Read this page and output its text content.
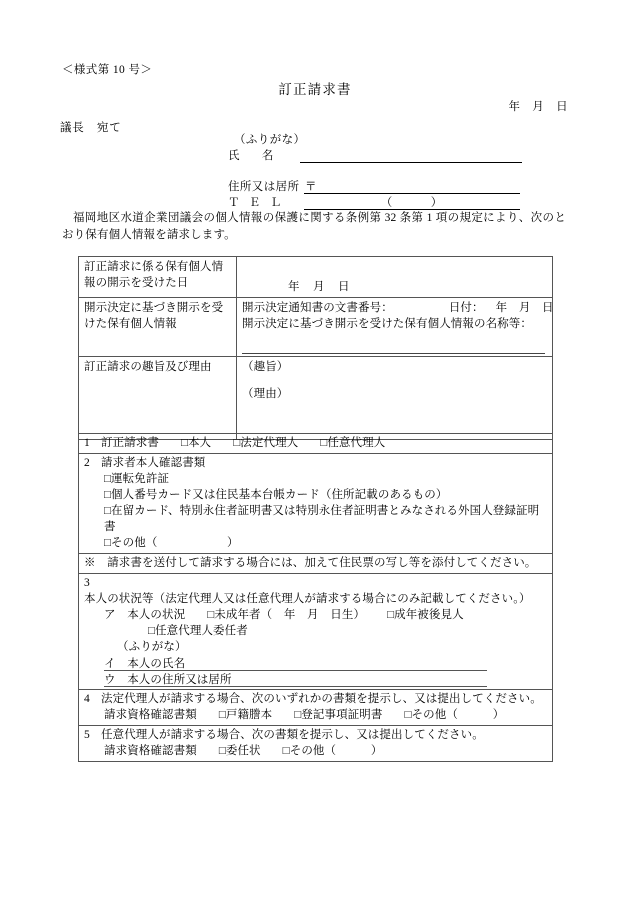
＜様式第 10 号＞
訂正請求書
年　月　日
議長　宛て
（ふりがな）
氏 名
住所又は居所 〒
Ｔ Ｅ Ｌ	（　　　）
福岡地区水道企業団議会の個人情報の保護に関する条例第 32 条第 1 項の規定により、次のとおり保有個人情報を請求します。
訂正請求に係る保有個人情報の開示を受けた日	年　月　日

開示決定に基づき開示を受けた保有個人情報	開示決定通知書の文書番号： 日付： 年　月　日
開示決定に基づき開示を受けた保有個人情報の名称等：

訂正請求の趣旨及び理由	（趣旨）
（理由）
1 訂正請求書 □本人 □法定代理人 □任意代理人

2 請求者本人確認書類
□運転免許証
□個人番号カード又は住民基本台帳カード（住所記載のあるもの）
□在留カード、特別永住者証明書又は特別永住者証明書とみなされる外国人登録証明書
□その他（　　　　　　）

※　請求書を送付して請求する場合には、加えて住民票の写し等を添付してください。

3本人の状況等（法定代理人又は任意代理人が請求する場合にのみ記載してください。）
ア　本人の状況 □未成年者（　年　月　日生） □成年被後見人
□任意代理人委任者
（ふりがな）
イ　本人の氏名
ウ　本人の住所又は居所

4 法定代理人が請求する場合、次のいずれかの書類を提示し、又は提出してください。
請求資格確認書類 □戸籍謄本 □登記事項証明書 □その他（　　　）

5 任意代理人が請求する場合、次の書類を提示し、又は提出してください。
請求資格確認書類 □委任状 □その他（　　　）
